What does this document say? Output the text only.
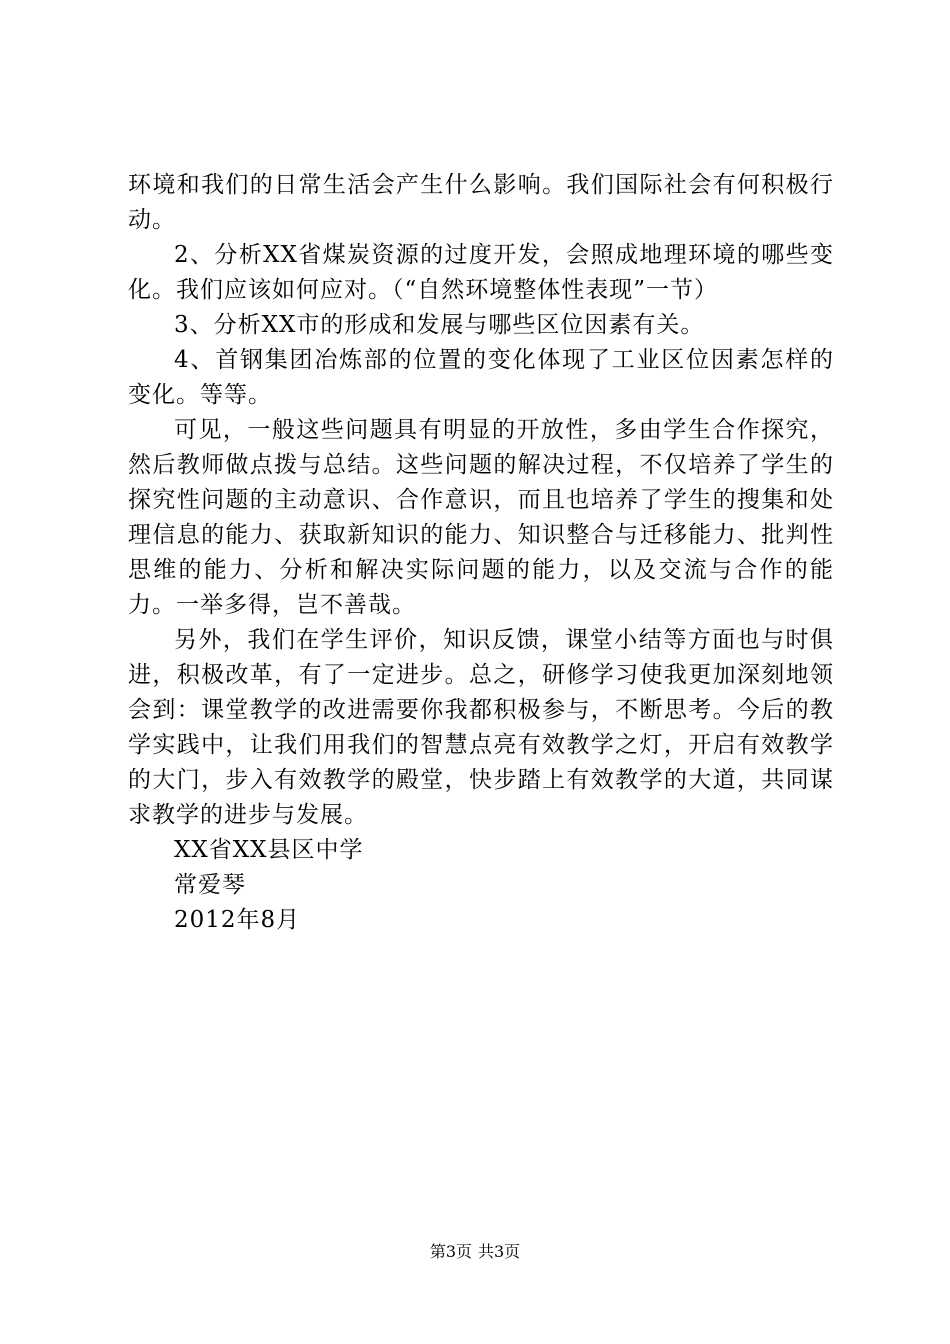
环境和我们的日常生活会产生什么影响。我们国际社会有何积极行动。

2、分析XX省煤炭资源的过度开发，会照成地理环境的哪些变化。我们应该如何应对。（“自然环境整体性表现”一节）

3、分析XX市的形成和发展与哪些区位因素有关。

4、首钢集团冶炼部的位置的变化体现了工业区位因素怎样的变化。等等。

可见，一般这些问题具有明显的开放性，多由学生合作探究，然后教师做点拨与总结。这些问题的解决过程，不仅培养了学生的探究性问题的主动意识、合作意识，而且也培养了学生的搜集和处理信息的能力、获取新知识的能力、知识整合与迁移能力、批判性思维的能力、分析和解决实际问题的能力，以及交流与合作的能力。一举多得，岂不善哉。

另外，我们在学生评价，知识反馈，课堂小结等方面也与时俱进，积极改革，有了一定进步。总之，研修学习使我更加深刻地领会到：课堂教学的改进需要你我都积极参与，不断思考。今后的教学实践中，让我们用我们的智慧点亮有效教学之灯，开启有效教学的大门，步入有效教学的殿堂，快步踏上有效教学的大道，共同谋求教学的进步与发展。

XX省XX县区中学

常爱琴

2012年8月

第3页 共3页
